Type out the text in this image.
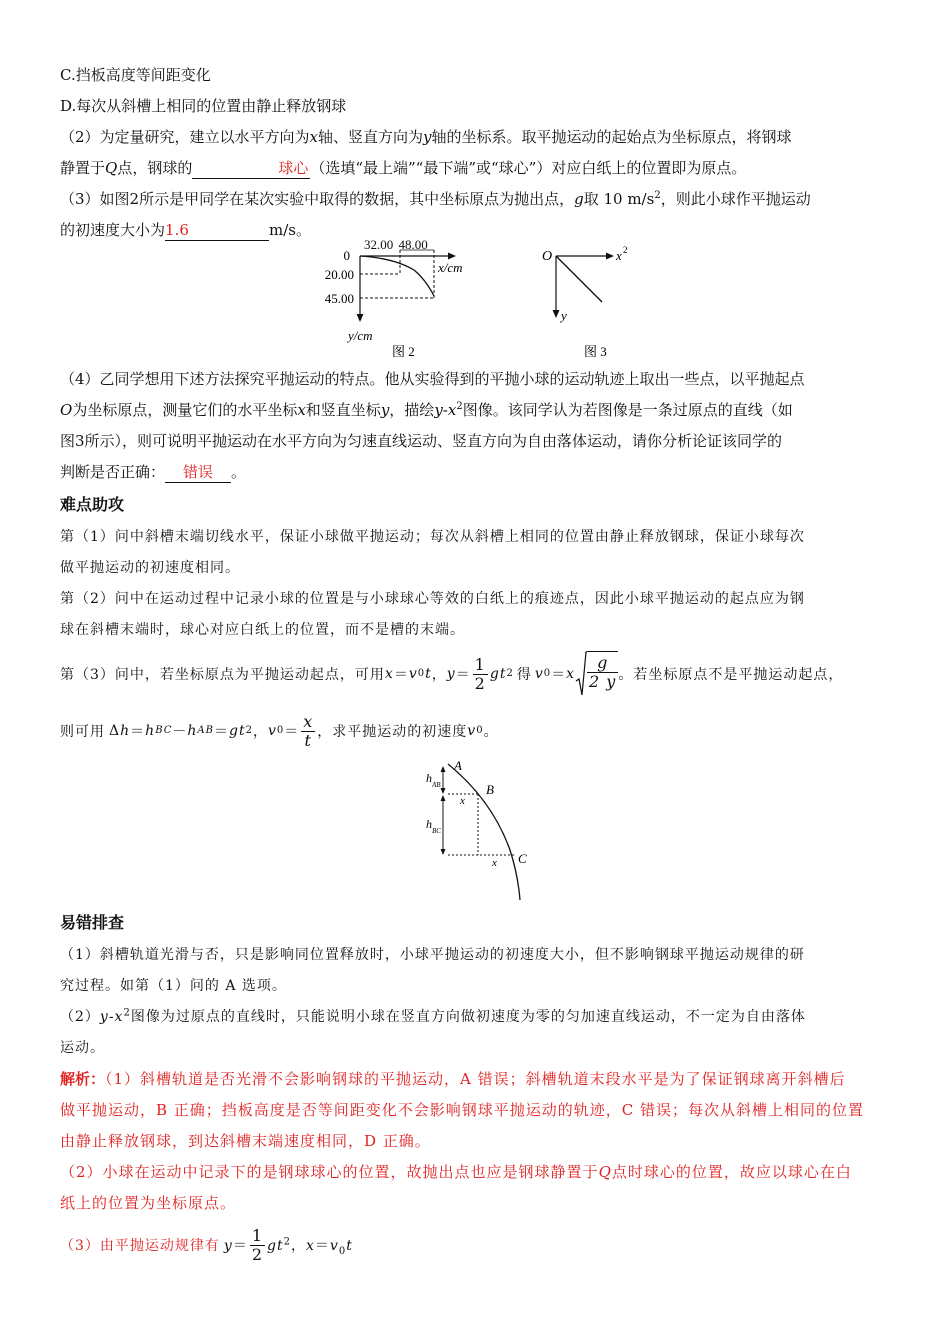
C.挡板高度等间距变化
D.每次从斜槽上相同的位置由静止释放钢球
（2）为定量研究，建立以水平方向为x轴、竖直方向为y轴的坐标系。取平抛运动的起始点为坐标原点，将钢球
静置于Q点，钢球的	球心 （选填“最上端”“最下端”或“球心”）对应白纸上的位置即为原点。
（3）如图2所示是甲同学在某次实验中取得的数据，其中坐标原点为抛出点，g取 10 $m/s^2$，则此小球作平抛运动
的初速度大小为1.6	m/s。
0
20.00
45.00
x/cm
y/cm
图 2
32.00 48.00
O	x 2
y
图 3
（4）乙同学想用下述方法探究平抛运动的特点。他从实验得到的平抛小球的运动轨迹上取出一些点，以平抛起点
O为坐标原点，测量它们的水平坐标x和竖直坐标y，描绘$y-x^2$图像。该同学认为若图像是一条过原点的直线（如
图3所示），则可说明平抛运动在水平方向为匀速直线运动、竖直方向为自由落体运动，请你分析论证该同学的
判断是否正确： 错误 。
难点助攻
第（1）问中斜槽末端切线水平，保证小球做平抛运动；每次从斜槽上相同的位置由静止释放钢球，保证小球每次
做平抛运动的初速度相同。
第（2）问中在运动过程中记录小球的位置是与小球球心等效的白纸上的痕迹点，因此小球平抛运动的起点应为钢
球在斜槽末端时，球心对应白纸上的位置，而不是槽的末端。
第（3）问中，若坐标原点为平抛运动起点，可用 x ＝ v 0 t ， $y = \frac{1}{2}$ gt 2 得 v 0 ＝ x $\frac{g}{2 y}$ 。若坐标原点不是平抛运动起点，
则可用 Δ h ＝ h BC － h AB ＝ gt 2 ， v $0 = \frac{x}{t}$ ，求平抛运动的初速度 v 0 。
A
B
C
h AB
h BC
x
x
易错排查
（1）斜槽轨道光滑与否，只是影响同位置释放时，小球平抛运动的初速度大小，但不影响钢球平抛运动规律的研
究过程。如第（1）问的 A 选项。
$(2)y-x^2$图像为过原点的直线时，只能说明小球在竖直方向做初速度为零的匀加速直线运动，不一定为自由落体
运动。
解析：（1）斜槽轨道是否光滑不会影响钢球的平抛运动，A 错误；斜槽轨道末段水平是为了保证钢球离开斜槽后
做平抛运动，B 正确；挡板高度是否等间距变化不会影响钢球平抛运动的轨迹，C 错误；每次从斜槽上相同的位置
由静止释放钢球，到达斜槽末端速度相同，D 正确。
（2）小球在运动中记录下的是钢球球心的位置，故抛出点也应是钢球静置于Q点时球心的位置，故应以球心在白
纸上的位置为坐标原点。
（3）由平抛运动规律有 $y= \frac{1}{2} gt^2$，$x=v_0t$
